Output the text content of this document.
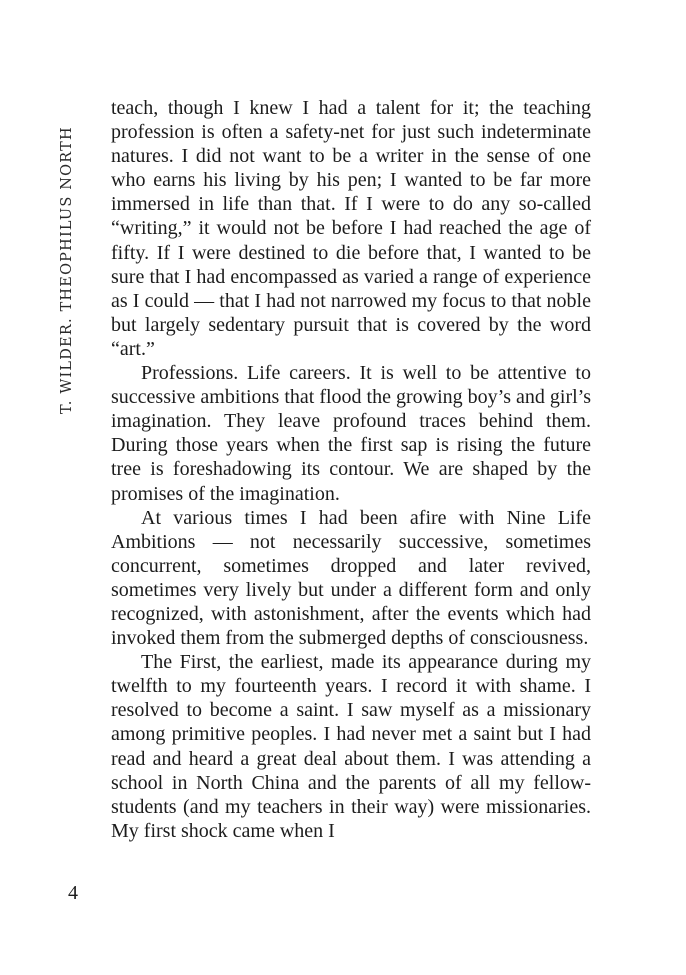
T. WILDER. THEOPHILUS NORTH

teach, though I knew I had a talent for it; the teaching profession is often a safety-net for just such indeterminate natures. I did not want to be a writer in the sense of one who earns his living by his pen; I wanted to be far more immersed in life than that. If I were to do any so-called “writing,” it would not be before I had reached the age of fifty. If I were destined to die before that, I wanted to be sure that I had encompassed as varied a range of experience as I could — that I had not narrowed my focus to that noble but largely sedentary pursuit that is covered by the word “art.”

Professions. Life careers. It is well to be attentive to successive ambitions that flood the growing boy’s and girl’s imagination. They leave profound traces behind them. During those years when the first sap is rising the future tree is foreshadowing its contour. We are shaped by the promises of the imagination.

At various times I had been afire with Nine Life Ambitions — not necessarily successive, sometimes concurrent, sometimes dropped and later revived, sometimes very lively but under a different form and only recognized, with astonishment, after the events which had invoked them from the submerged depths of consciousness.

The First, the earliest, made its appearance during my twelfth to my fourteenth years. I record it with shame. I resolved to become a saint. I saw myself as a missionary among primitive peoples. I had never met a saint but I had read and heard a great deal about them. I was attending a school in North China and the parents of all my fellow-students (and my teachers in their way) were missionaries. My first shock came when I

4
